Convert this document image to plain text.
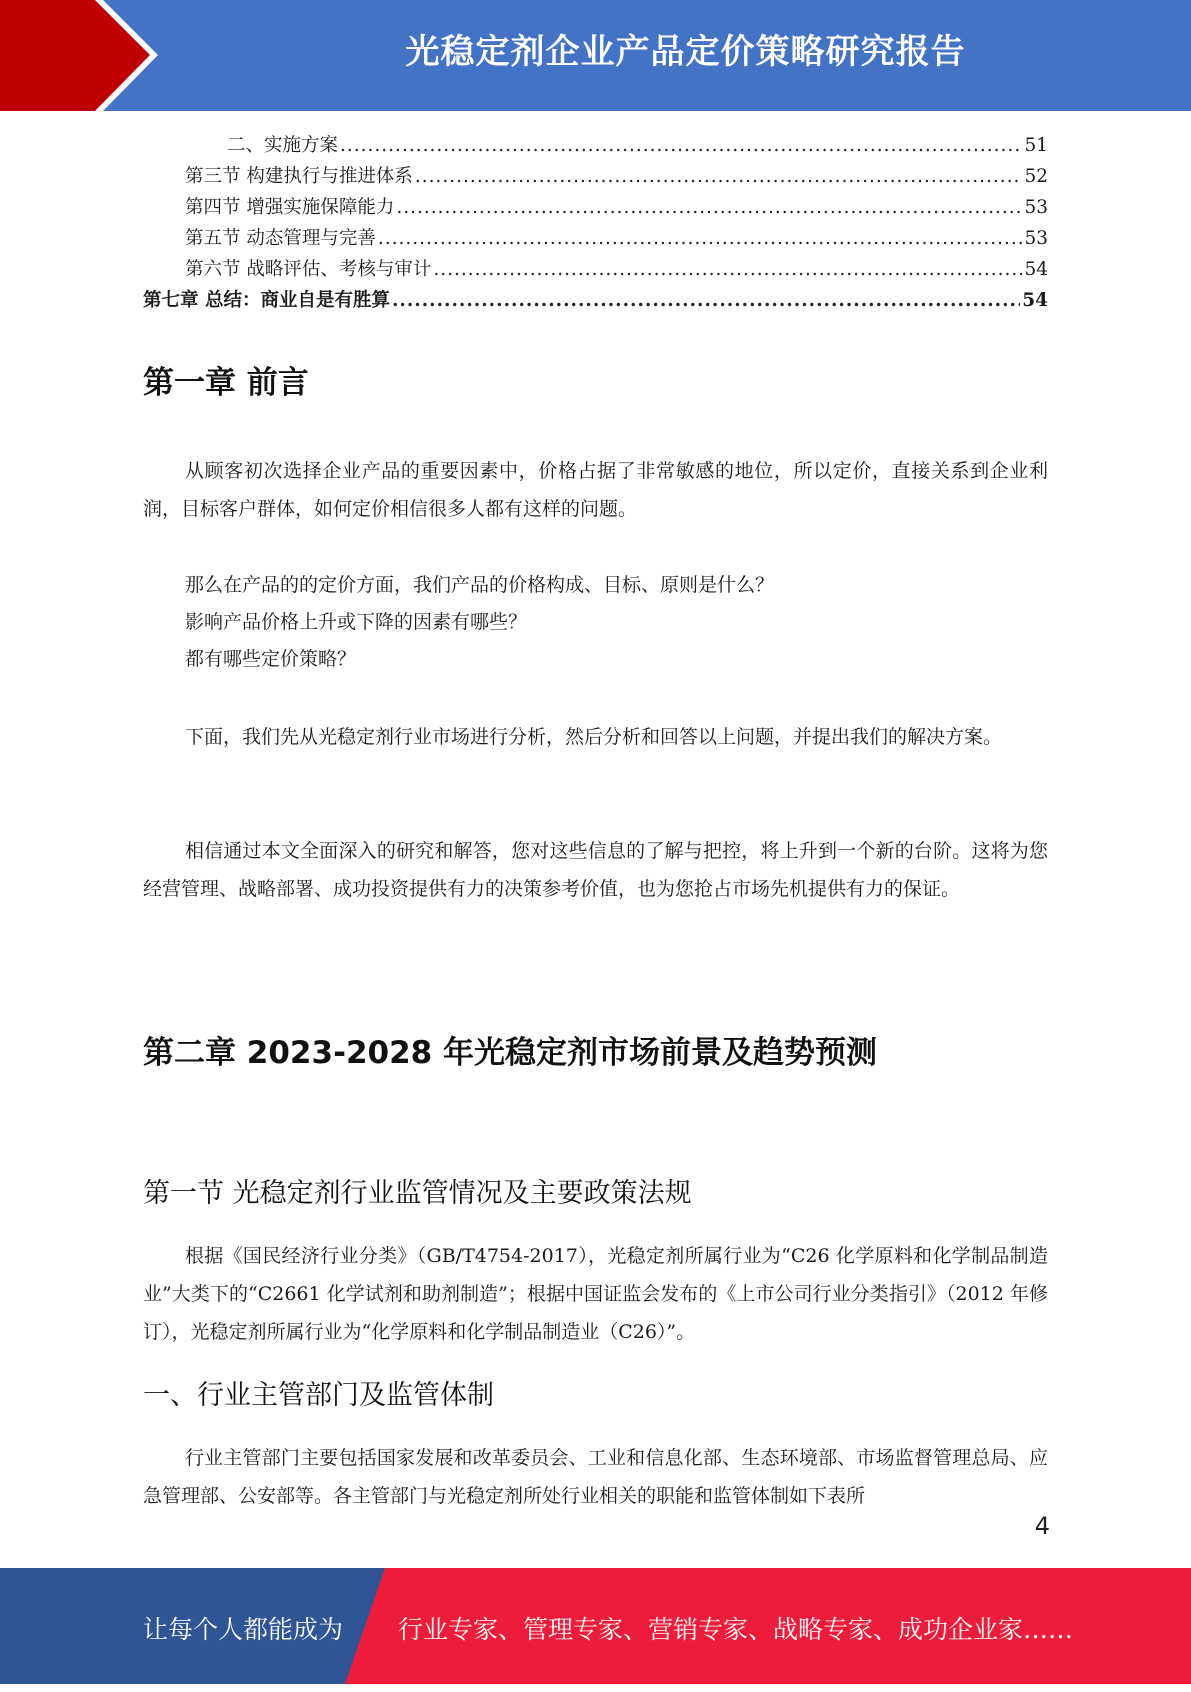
光稳定剂企业产品定价策略研究报告
二、实施方案 .....	51
第三节 构建执行与推进体系 .....	52
第四节 增强实施保障能力 .....	53
第五节 动态管理与完善 .....	53
第六节 战略评估、考核与审计 .....	54
第七章 总结：商业自是有胜算 .....	54
第一章 前言
从顾客初次选择企业产品的重要因素中，价格占据了非常敏感的地位，所以定价，直接关系到企业利润，目标客户群体，如何定价相信很多人都有这样的问题。
那么在产品的的定价方面，我们产品的价格构成、目标、原则是什么？
影响产品价格上升或下降的因素有哪些？
都有哪些定价策略？
下面，我们先从光稳定剂行业市场进行分析，然后分析和回答以上问题，并提出我们的解决方案。
相信通过本文全面深入的研究和解答，您对这些信息的了解与把控，将上升到一个新的台阶。这将为您经营管理、战略部署、成功投资提供有力的决策参考价值，也为您抢占市场先机提供有力的保证。
第二章 2023-2028 年光稳定剂市场前景及趋势预测
第一节 光稳定剂行业监管情况及主要政策法规
根据《国民经济行业分类》（GB/T4754-2017），光稳定剂所属行业为“C26 化学原料和化学制品制造业”大类下的“C2661 化学试剂和助剂制造”；根据中国证监会发布的《上市公司行业分类指引》（2012 年修订），光稳定剂所属行业为“化学原料和化学制品制造业（C26）”。
一、行业主管部门及监管体制
行业主管部门主要包括国家发展和改革委员会、工业和信息化部、生态环境部、市场监督管理总局、应急管理部、公安部等。各主管部门与光稳定剂所处行业相关的职能和监管体制如下表所
4
让每个人都能成为 行业专家、管理专家、营销专家、战略专家、成功企业家……
